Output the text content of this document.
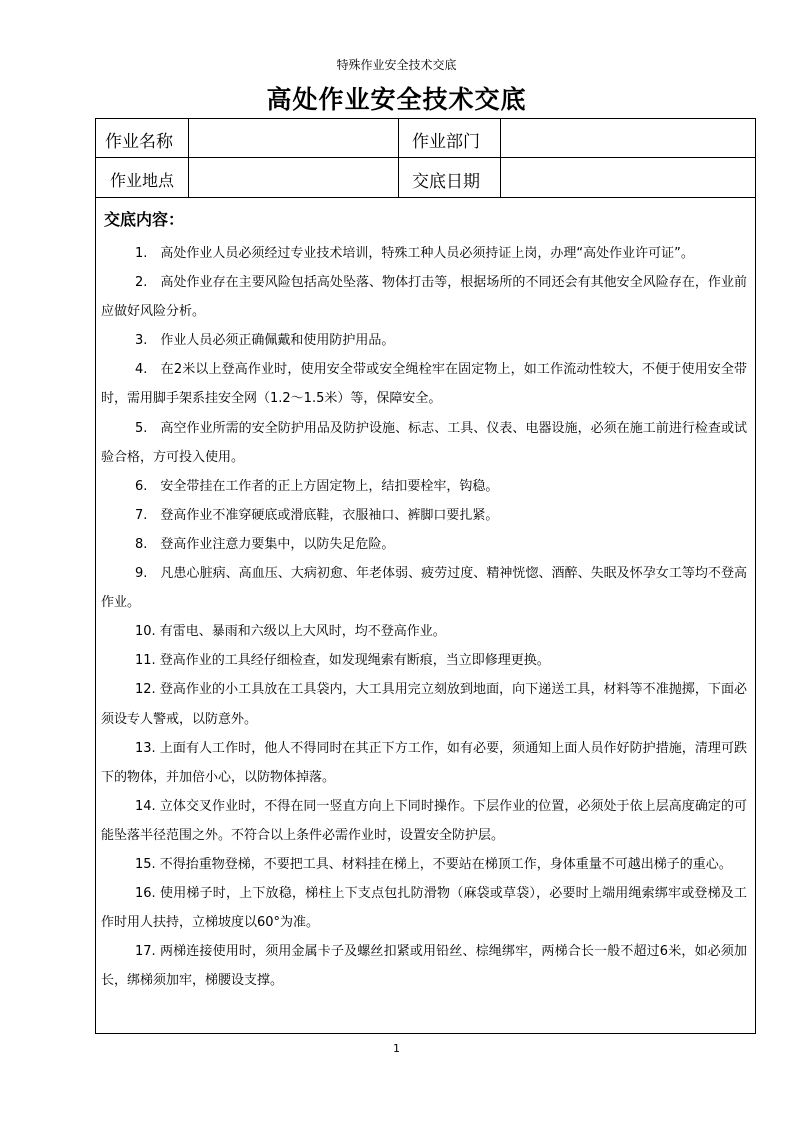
特殊作业安全技术交底
高处作业安全技术交底
作业名称	作业部门
作业地点	交底日期
交底内容：

1.　高处作业人员必须经过专业技术培训，特殊工种人员必须持证上岗，办理“高处作业许可证”。

2.　高处作业存在主要风险包括高处坠落、物体打击等，根据场所的不同还会有其他安全风险存在，作业前应做好风险分析。

3.　作业人员必须正确佩戴和使用防护用品。

4.　在2米以上登高作业时，使用安全带或安全绳栓牢在固定物上，如工作流动性较大，不便于使用安全带时，需用脚手架系挂安全网（1.2～1.5米）等，保障安全。

5.　高空作业所需的安全防护用品及防护设施、标志、工具、仪表、电器设施，必须在施工前进行检查或试验合格，方可投入使用。

6.　安全带挂在工作者的正上方固定物上，结扣要栓牢，钩稳。

7.　登高作业不准穿硬底或滑底鞋，衣服袖口、裤脚口要扎紧。

8.　登高作业注意力要集中，以防失足危险。

9.　凡患心脏病、高血压、大病初愈、年老体弱、疲劳过度、精神恍惚、酒醉、失眠及怀孕女工等均不登高作业。

10. 有雷电、暴雨和六级以上大风时，均不登高作业。

11. 登高作业的工具经仔细检查，如发现绳索有断痕，当立即修理更换。

12. 登高作业的小工具放在工具袋内，大工具用完立刻放到地面，向下递送工具，材料等不准抛掷，下面必须设专人警戒，以防意外。

13. 上面有人工作时，他人不得同时在其正下方工作，如有必要，须通知上面人员作好防护措施，清理可跌下的物体，并加倍小心，以防物体掉落。

14. 立体交叉作业时，不得在同一竖直方向上下同时操作。下层作业的位置，必须处于依上层高度确定的可能坠落半径范围之外。不符合以上条件必需作业时，设置安全防护层。

15. 不得抬重物登梯，不要把工具、材料挂在梯上，不要站在梯顶工作，身体重量不可越出梯子的重心。

16. 使用梯子时，上下放稳，梯柱上下支点包扎防滑物（麻袋或草袋），必要时上端用绳索绑牢或登梯及工作时用人扶持，立梯坡度以60°为准。

17. 两梯连接使用时，须用金属卡子及螺丝扣紧或用铅丝、棕绳绑牢，两梯合长一般不超过6米，如必须加长，绑梯须加牢，梯腰设支撑。

1
